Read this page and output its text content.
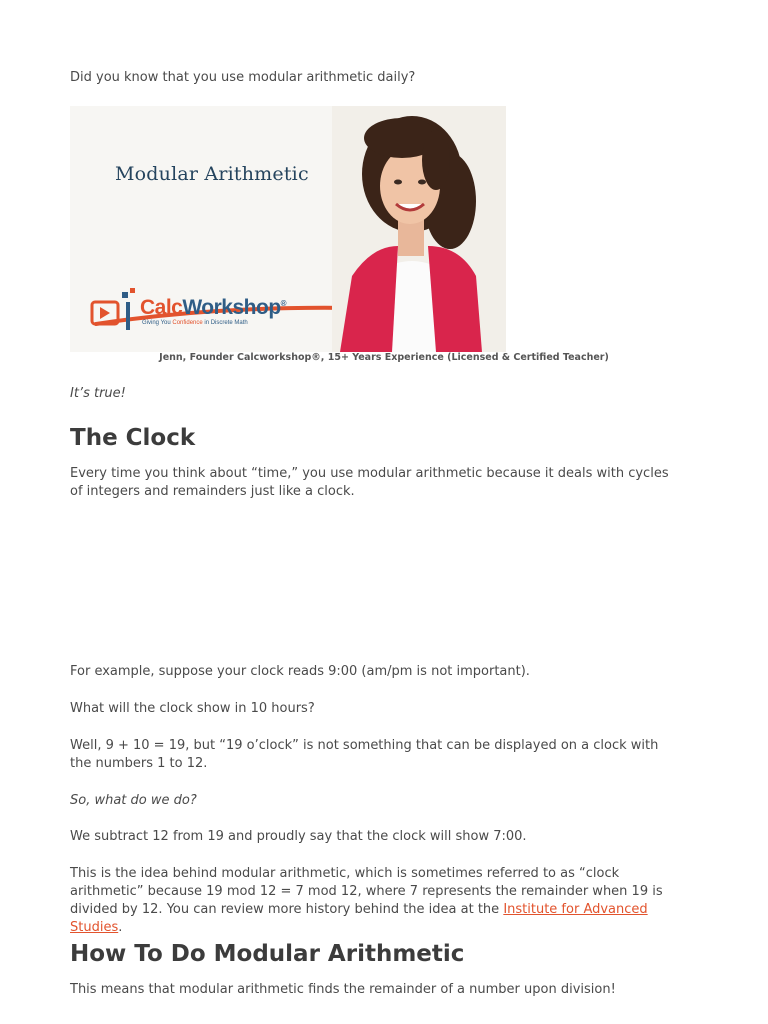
Did you know that you use modular arithmetic daily?

Modular Arithmetic
CalcWorkshop®
Giving You Confidence in Discrete Math
Jenn, Founder Calcworkshop®, 15+ Years Experience (Licensed & Certified Teacher)

It’s true!

The Clock

Every time you think about “time,” you use modular arithmetic because it deals with cycles of integers and remainders just like a clock.

For example, suppose your clock reads 9:00 (am/pm is not important).

What will the clock show in 10 hours?

Well, 9 + 10 = 19, but “19 o’clock” is not something that can be displayed on a clock with the numbers 1 to 12.

So, what do we do?

We subtract 12 from 19 and proudly say that the clock will show 7:00.

This is the idea behind modular arithmetic, which is sometimes referred to as “clock arithmetic” because 19 mod 12 = 7 mod 12, where 7 represents the remainder when 19 is divided by 12. You can review more history behind the idea at the Institute for Advanced Studies.

How To Do Modular Arithmetic

This means that modular arithmetic finds the remainder of a number upon division!
